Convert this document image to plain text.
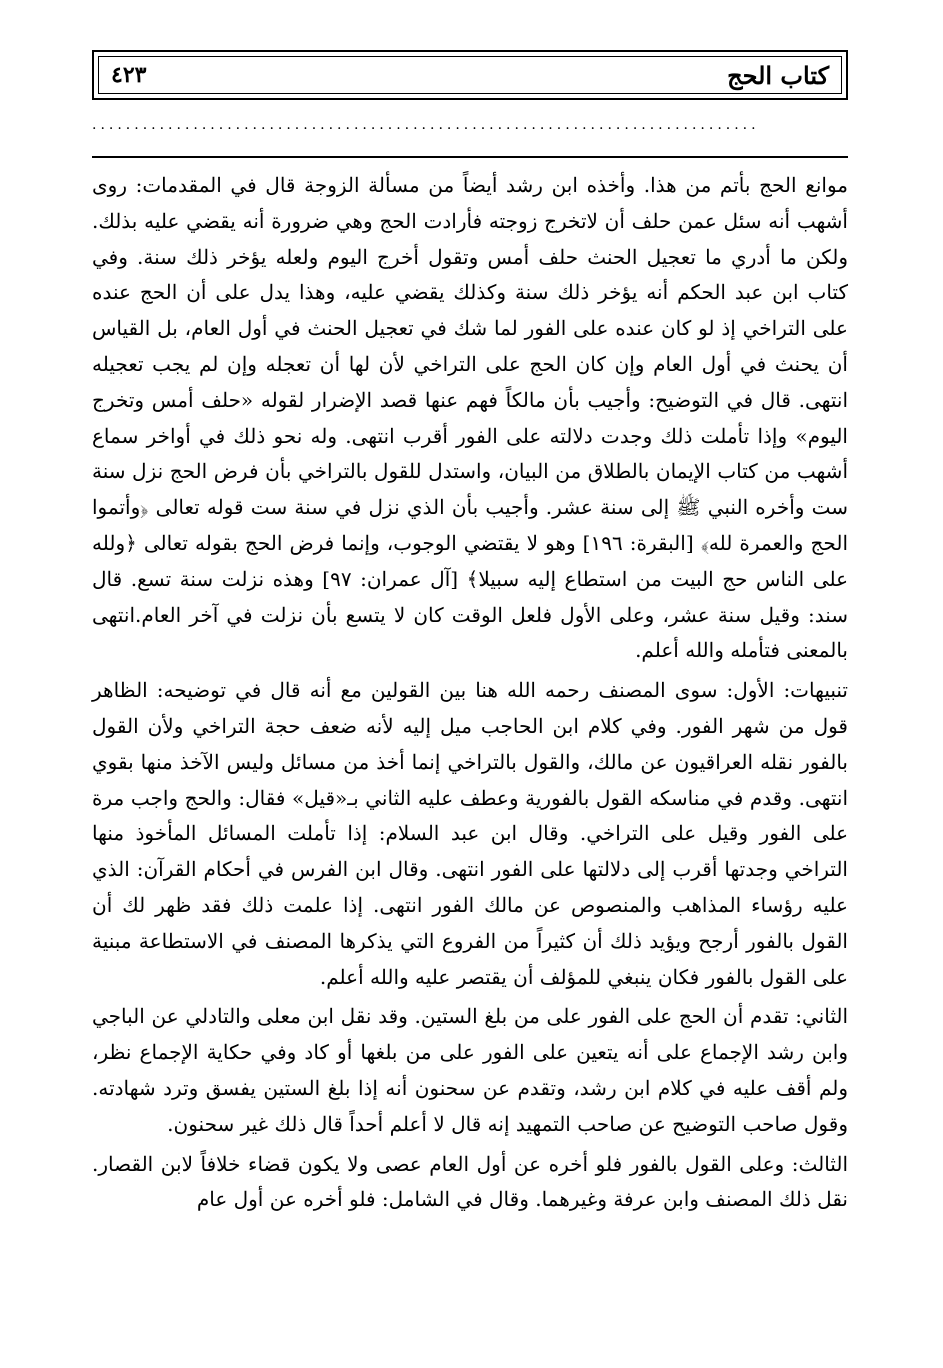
٤٢٣	كتاب الحج
...............................................................................

موانع الحج بأتم من هذا. وأخذه ابن رشد أيضاً من مسألة الزوجة قال في المقدمات: روى أشهب أنه سئل عمن حلف أن لاتخرج زوجته فأرادت الحج وهي ضرورة أنه يقضي عليه بذلك. ولكن ما أدري ما تعجيل الحنث حلف أمس وتقول أخرج اليوم ولعله يؤخر ذلك سنة. وفي كتاب ابن عبد الحكم أنه يؤخر ذلك سنة وكذلك يقضي عليه، وهذا يدل على أن الحج عنده على التراخي إذ لو كان عنده على الفور لما شك في تعجيل الحنث في أول العام، بل القياس أن يحنث في أول العام وإن كان الحج على التراخي لأن لها أن تعجله وإن لم يجب تعجيله انتهى. قال في التوضيح: وأجيب بأن مالكاً فهم عنها قصد الإضرار لقوله «حلف أمس وتخرج اليوم» وإذا تأملت ذلك وجدت دلالته على الفور أقرب انتهى. وله نحو ذلك في أواخر سماع أشهب من كتاب الإيمان بالطلاق من البيان، واستدل للقول بالتراخي بأن فرض الحج نزل سنة ست وأخره النبي ﷺ إلى سنة عشر. وأجيب بأن الذي نزل في سنة ست قوله تعالى ﴿وأتموا الحج والعمرة لله﴾ [البقرة: ١٩٦] وهو لا يقتضي الوجوب، وإنما فرض الحج بقوله تعالى ﴿ولله على الناس حج البيت من استطاع إليه سبيلا﴾ [آل عمران: ٩٧] وهذه نزلت سنة تسع. قال سند: وقيل سنة عشر، وعلى الأول فلعل الوقت كان لا يتسع بأن نزلت في آخر العام.انتهى بالمعنى فتأمله والله أعلم.

تنبيهات: الأول: سوى المصنف رحمه الله هنا بين القولين مع أنه قال في توضيحه: الظاهر قول من شهر الفور. وفي كلام ابن الحاجب ميل إليه لأنه ضعف حجة التراخي ولأن القول بالفور نقله العراقيون عن مالك، والقول بالتراخي إنما أخذ من مسائل وليس الآخذ منها بقوي انتهى. وقدم في مناسكه القول بالفورية وعطف عليه الثاني بـ«قيل» فقال: والحج واجب مرة على الفور وقيل على التراخي. وقال ابن عبد السلام: إذا تأملت المسائل المأخوذ منها التراخي وجدتها أقرب إلى دلالتها على الفور انتهى. وقال ابن الفرس في أحكام القرآن: الذي عليه رؤساء المذاهب والمنصوص عن مالك الفور انتهى. إذا علمت ذلك فقد ظهر لك أن القول بالفور أرجح ويؤيد ذلك أن كثيراً من الفروع التي يذكرها المصنف في الاستطاعة مبنية على القول بالفور فكان ينبغي للمؤلف أن يقتصر عليه والله أعلم.

الثاني: تقدم أن الحج على الفور على من بلغ الستين. وقد نقل ابن معلى والتادلي عن الباجي وابن رشد الإجماع على أنه يتعين على الفور على من بلغها أو كاد وفي حكاية الإجماع نظر، ولم أقف عليه في كلام ابن رشد، وتقدم عن سحنون أنه إذا بلغ الستين يفسق وترد شهادته. وقول صاحب التوضيح عن صاحب التمهيد إنه قال لا أعلم أحداً قال ذلك غير سحنون.

الثالث: وعلى القول بالفور فلو أخره عن أول العام عصى ولا يكون قضاء خلافاً لابن القصار. نقل ذلك المصنف وابن عرفة وغيرهما. وقال في الشامل: فلو أخره عن أول عام
